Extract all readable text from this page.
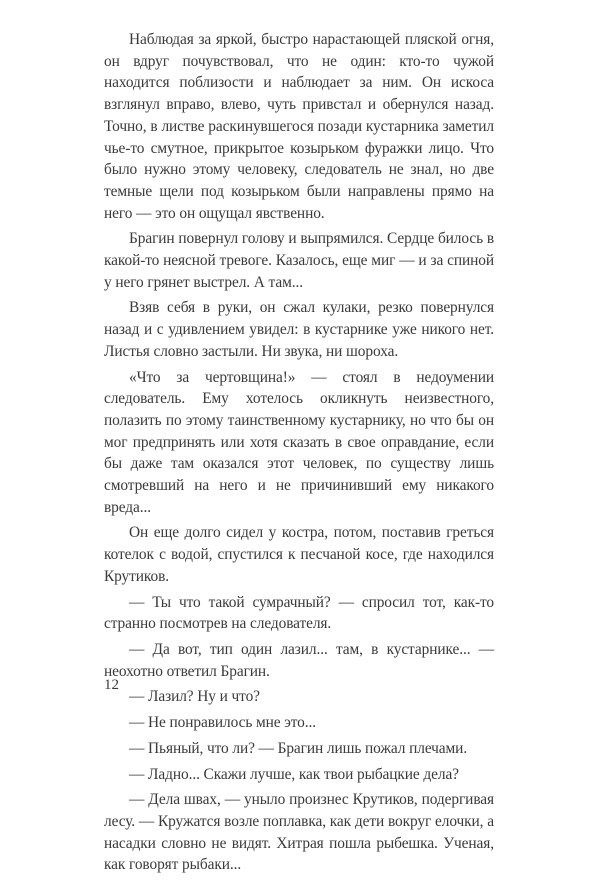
Наблюдая за яркой, быстро нарастающей пляской огня, он вдруг почувствовал, что не один: кто-то чужой находится поблизости и наблюдает за ним. Он искоса взглянул вправо, влево, чуть привстал и обернулся назад. Точно, в листве раскинувшегося позади кустарника заметил чье-то смутное, прикрытое козырьком фуражки лицо. Что было нужно этому человеку, следователь не знал, но две темные щели под козырьком были направлены прямо на него — это он ощущал явственно.

Брагин повернул голову и выпрямился. Сердце билось в какой-то неясной тревоге. Казалось, еще миг — и за спиной у него грянет выстрел. А там...

Взяв себя в руки, он сжал кулаки, резко повернулся назад и с удивлением увидел: в кустарнике уже никого нет. Листья словно застыли. Ни звука, ни шороха.

«Что за чертовщина!» — стоял в недоумении следователь. Ему хотелось окликнуть неизвестного, полазить по этому таинственному кустарнику, но что бы он мог предпринять или хотя сказать в свое оправдание, если бы даже там оказался этот человек, по существу лишь смотревший на него и не причинивший ему никакого вреда...

Он еще долго сидел у костра, потом, поставив греться котелок с водой, спустился к песчаной косе, где находился Крутиков.

— Ты что такой сумрачный? — спросил тот, как-то странно посмотрев на следователя.

— Да вот, тип один лазил... там, в кустарнике... — неохотно ответил Брагин.

— Лазил? Ну и что?

— Не понравилось мне это...

— Пьяный, что ли? — Брагин лишь пожал плечами.

— Ладно... Скажи лучше, как твои рыбацкие дела?

— Дела швах, — уныло произнес Крутиков, подергивая лесу. — Кружатся возле поплавка, как дети вокруг елочки, а насадки словно не видят. Хитрая пошла рыбешка. Ученая, как говорят рыбаки...

12
